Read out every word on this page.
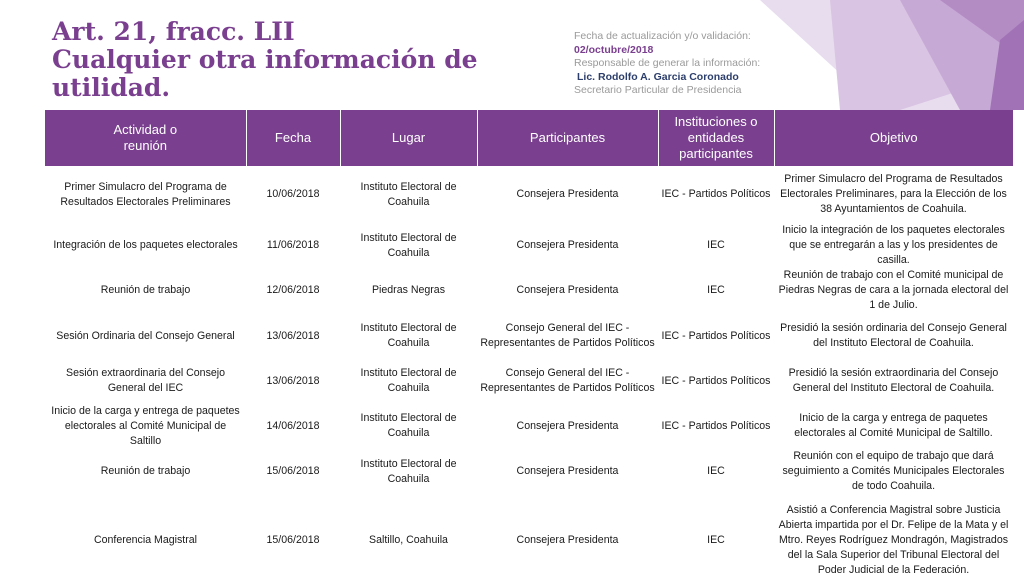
Art. 21, fracc. LII
Cualquier otra información de
utilidad.
Fecha de actualización y/o validación:
02/octubre/2018
Responsable de generar la información:
Lic. Rodolfo A. Garcia Coronado
Secretario Particular de Presidencia
Actividad o
reunión	Fecha	Lugar	Participantes	Instituciones o entidades participantes	Objetivo
Primer Simulacro del Programa de Resultados Electorales Preliminares	10/06/2018	Instituto Electoral de Coahuila	Consejera Presidenta	IEC - Partidos Políticos	Primer Simulacro del Programa de Resultados Electorales Preliminares, para la Elección de los 38 Ayuntamientos de Coahuila.
Integración de los paquetes electorales	11/06/2018	Instituto Electoral de Coahuila	Consejera Presidenta	IEC	Inicio la integración de los paquetes electorales que se entregarán a las y los presidentes de casilla.
Reunión de trabajo	12/06/2018	Piedras Negras	Consejera Presidenta	IEC	Reunión de trabajo con el Comité municipal de Piedras Negras de cara a la jornada electoral del 1 de Julio.
Sesión Ordinaria del Consejo General	13/06/2018	Instituto Electoral de Coahuila	Consejo General del IEC - Representantes de Partidos Políticos	IEC - Partidos Políticos	Presidió la sesión ordinaria del Consejo General del Instituto Electoral de Coahuila.
Sesión extraordinaria del Consejo General del IEC	13/06/2018	Instituto Electoral de Coahuila	Consejo General del IEC - Representantes de Partidos Políticos	IEC - Partidos Políticos	Presidió la sesión extraordinaria del Consejo General del Instituto Electoral de Coahuila.
Inicio de la carga y entrega de paquetes electorales al Comité Municipal de Saltillo	14/06/2018	Instituto Electoral de Coahuila	Consejera Presidenta	IEC - Partidos Políticos	Inicio de la carga y entrega de paquetes electorales al Comité Municipal de Saltillo.
Reunión de trabajo	15/06/2018	Instituto Electoral de Coahuila	Consejera Presidenta	IEC	Reunión con el equipo de trabajo que dará seguimiento a Comités Municipales Electorales de todo Coahuila.
Conferencia Magistral	15/06/2018	Saltillo, Coahuila	Consejera Presidenta	IEC	Asistió a Conferencia Magistral sobre Justicia Abierta impartida por el Dr. Felipe de la Mata y el Mtro. Reyes Rodríguez Mondragón, Magistrados del la Sala Superior del Tribunal Electoral del Poder Judicial de la Federación.
